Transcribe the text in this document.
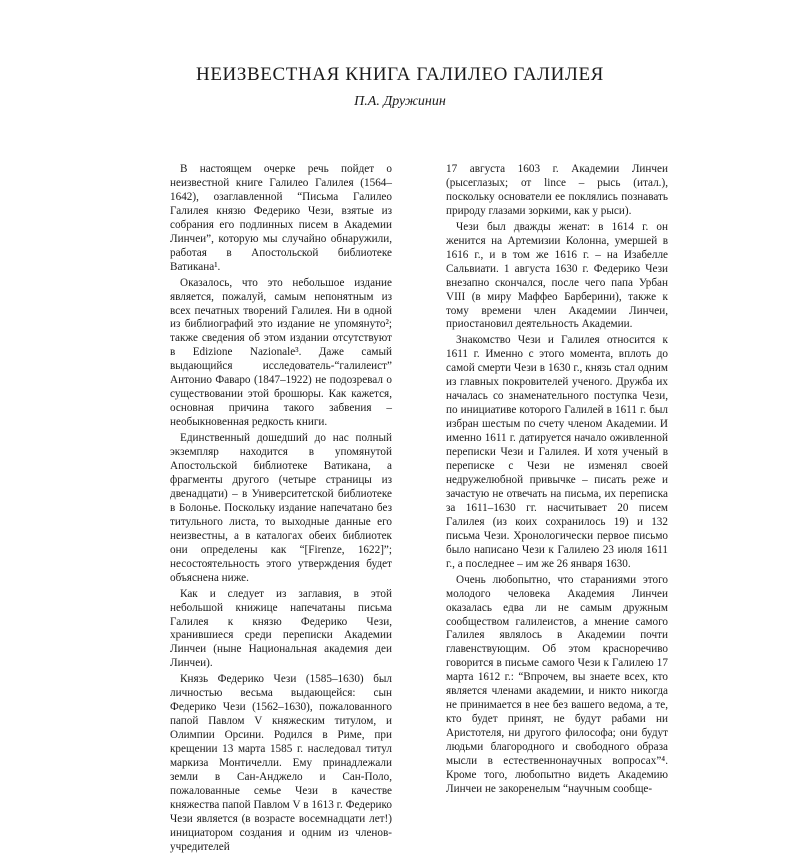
НЕИЗВЕСТНАЯ КНИГА ГАЛИЛЕО ГАЛИЛЕЯ
П.А. Дружинин

В настоящем очерке речь пойдет о неизвестной книге Галилео Галилея (1564–1642), озаглавленной “Письма Галилео Галилея князю Федерико Чези, взятые из собрания его подлинных писем в Академии Линчеи”, которую мы случайно обнаружили, работая в Апостольской библиотеке Ватикана¹.

Оказалось, что это небольшое издание является, пожалуй, самым непонятным из всех печатных творений Галилея. Ни в одной из библиографий это издание не упомянуто²; также сведения об этом издании отсутствуют в Edizione Nazionale³. Даже самый выдающийся исследователь-“галилеист” Антонио Фаваро (1847–1922) не подозревал о существовании этой брошюры. Как кажется, основная причина такого забвения – необыкновенная редкость книги.

Единственный дошедший до нас полный экземпляр находится в упомянутой Апостольской библиотеке Ватикана, а фрагменты другого (четыре страницы из двенадцати) – в Университетской библиотеке в Болонье. Поскольку издание напечатано без титульного листа, то выходные данные его неизвестны, а в каталогах обеих библиотек они определены как “[Firenze, 1622]”; несостоятельность этого утверждения будет объяснена ниже.

Как и следует из заглавия, в этой небольшой книжице напечатаны письма Галилея к князю Федерико Чези, хранившиеся среди переписки Академии Линчеи (ныне Национальная академия деи Линчеи).

Князь Федерико Чези (1585–1630) был личностью весьма выдающейся: сын Федерико Чези (1562–1630), пожалованного папой Павлом V княжеским титулом, и Олимпии Орсини. Родился в Риме, при крещении 13 марта 1585 г. наследовал титул маркиза Монтичелли. Ему принадлежали земли в Сан-Анджело и Сан-Поло, пожалованные семье Чези в качестве княжества папой Павлом V в 1613 г. Федерико Чези является (в возрасте восемнадцати лет!) инициатором создания и одним из членов-учредителей

17 августа 1603 г. Академии Линчеи (рысеглазых; от lince – рысь (итал.), поскольку основатели ее поклялись познавать природу глазами зоркими, как у рыси).

Чези был дважды женат: в 1614 г. он женится на Артемизии Колонна, умершей в 1616 г., и в том же 1616 г. – на Изабелле Сальвиати. 1 августа 1630 г. Федерико Чези внезапно скончался, после чего папа Урбан VIII (в миру Маффео Барберини), также к тому времени член Академии Линчеи, приостановил деятельность Академии.

Знакомство Чези и Галилея относится к 1611 г. Именно с этого момента, вплоть до самой смерти Чези в 1630 г., князь стал одним из главных покровителей ученого. Дружба их началась со знаменательного поступка Чези, по инициативе которого Галилей в 1611 г. был избран шестым по счету членом Академии. И именно 1611 г. датируется начало оживленной переписки Чези и Галилея. И хотя ученый в переписке с Чези не изменял своей недружелюбной привычке – писать реже и зачастую не отвечать на письма, их переписка за 1611–1630 гг. насчитывает 20 писем Галилея (из коих сохранилось 19) и 132 письма Чези. Хронологически первое письмо было написано Чези к Галилею 23 июля 1611 г., а последнее – им же 26 января 1630.

Очень любопытно, что стараниями этого молодого человека Академия Линчеи оказалась едва ли не самым дружным сообществом галилеистов, а мнение самого Галилея являлось в Академии почти главенствующим. Об этом красноречиво говорится в письме самого Чези к Галилею 17 марта 1612 г.: “Впрочем, вы знаете всех, кто является членами академии, и никто никогда не принимается в нее без вашего ведома, а те, кто будет принят, не будут рабами ни Аристотеля, ни другого философа; они будут людьми благородного и свободного образа мысли в естественнонаучных вопросах”⁴. Кроме того, любопытно видеть Академию Линчеи не закоренелым “научным сообще-
